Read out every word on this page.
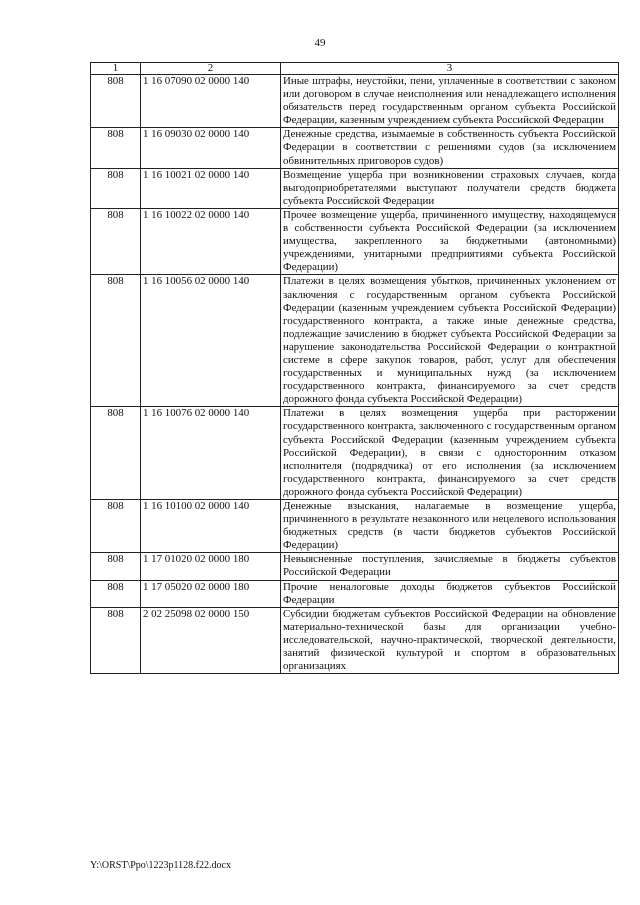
49
1	2	3
808	1 16 07090 02 0000 140	Иные штрафы, неустойки, пени, уплаченные в соответствии с законом или договором в случае неисполнения или ненадлежащего исполнения обязательств перед государственным органом субъекта Российской Федерации, казенным учреждением субъекта Российской Федерации
808	1 16 09030 02 0000 140	Денежные средства, изымаемые в собственность субъекта Российской Федерации в соответствии с решениями судов (за исключением обвинительных приговоров судов)
808	1 16 10021 02 0000 140	Возмещение ущерба при возникновении страховых случаев, когда выгодоприобретателями выступают получатели средств бюджета субъекта Российской Федерации
808	1 16 10022 02 0000 140	Прочее возмещение ущерба, причиненного имуществу, находящемуся в собственности субъекта Российской Федерации (за исключением имущества, закрепленного за бюджетными (автономными) учреждениями, унитарными предприятиями субъекта Российской Федерации)
808	1 16 10056 02 0000 140	Платежи в целях возмещения убытков, причиненных уклонением от заключения с государственным органом субъекта Российской Федерации (казенным учреждением субъекта Российской Федерации) государственного контракта, а также иные денежные средства, подлежащие зачислению в бюджет субъекта Российской Федерации за нарушение законодательства Российской Федерации о контрактной системе в сфере закупок товаров, работ, услуг для обеспечения государственных и муниципальных нужд (за исключением государственного контракта, финансируемого за счет средств дорожного фонда субъекта Российской Федерации)
808	1 16 10076 02 0000 140	Платежи в целях возмещения ущерба при расторжении государственного контракта, заключенного с государственным органом субъекта Российской Федерации (казенным учреждением субъекта Российской Федерации), в связи с односторонним отказом исполнителя (подрядчика) от его исполнения (за исключением государственного контракта, финансируемого за счет средств дорожного фонда субъекта Российской Федерации)
808	1 16 10100 02 0000 140	Денежные взыскания, налагаемые в возмещение ущерба, причиненного в результате незаконного или нецелевого использования бюджетных средств (в части бюджетов субъектов Российской Федерации)
808	1 17 01020 02 0000 180	Невыясненные поступления, зачисляемые в бюджеты субъектов Российской Федерации
808	1 17 05020 02 0000 180	Прочие неналоговые доходы бюджетов субъектов Российской Федерации
808	2 02 25098 02 0000 150	Субсидии бюджетам субъектов Российской Федерации на обновление материально-технической базы для организации учебно-исследовательской, научно-практической, творческой деятельности, занятий физической культурой и спортом в образовательных организациях
Y:\ORST\Ppo\1223p1128.f22.docx
